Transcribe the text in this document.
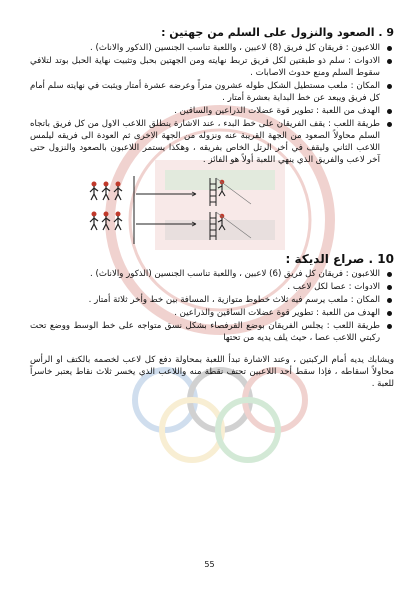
9 . الصعود والنزول على السلم من جهتين :
اللاعبون : فريقان كل فريق (8) لاعبين ، واللعبة تناسب الجنسين (الذكور والاناث) .
الادوات : سلم ذو طبقتين لكل فريق تربط نهايته ومن الجهتين بحبل وتثبيت نهاية الحبل بوتد لتلافي سقوط السلم ومنع حدوث الاصابات .
المكان : ملعب مستطيل الشكل طوله عشرون متراً وعرضه عشرة أمتار ويثبت في نهايته سلم أمام كل فريق ويبعد عن خط البداية بعشرة أمتار .
الهدف من اللعبة : تطوير قوة عضلات الذراعين والساقين .
طريقة اللعب : يقف الفريقان على خط البدء ، عند الاشارة ينطلق اللاعب الاول من كل فريق باتجاه السلم محاولاً الصعود من الجهة القريبة عنه ونزوله من الجهة الاخرى ثم العودة الى فريقه ليلمس اللاعب الثاني وليقف في أخر الرتل الخاص بفريقه ، وهكذا يستمر اللاعبون بالصعود والنزول حتى آخر لاعب والفريق الذي ينهي اللعبة أولاً هو الفائز .
10 . صراع الديكة :
اللاعبون : فريقان كل فريق (6) لاعبين ، واللعبة تناسب الجنسين (الذكور والاناث) .
الادوات : عصا لكل لاعب .
المكان : ملعب يرسم فيه ثلاث خطوط متوازية ، المسافة بين خط وأخر ثلاثة أمتار .
الهدف من اللعبة : تطوير قوة عضلات الساقين والذراعين .
طريقة اللعب : يجلس الفريقان بوضع القرفصاء بشكل نسق متواجه على خط الوسط ووضع تحت ركبتي اللاعب عصا ، حيث يلف يديه من تحتها
ويشابك يديه أمام الركبتين ، وعند الاشارة تبدأ اللعبة بمحاولة دفع كل لاعب لخصمه بالكتف او الرأس محاولاً اسقاطه ، فإذا سقط أحد اللاعبين تحتف نقطة منه واللاعب الذي يخسر ثلاث نقاط يعتبر خاسراً للعبة .
55
